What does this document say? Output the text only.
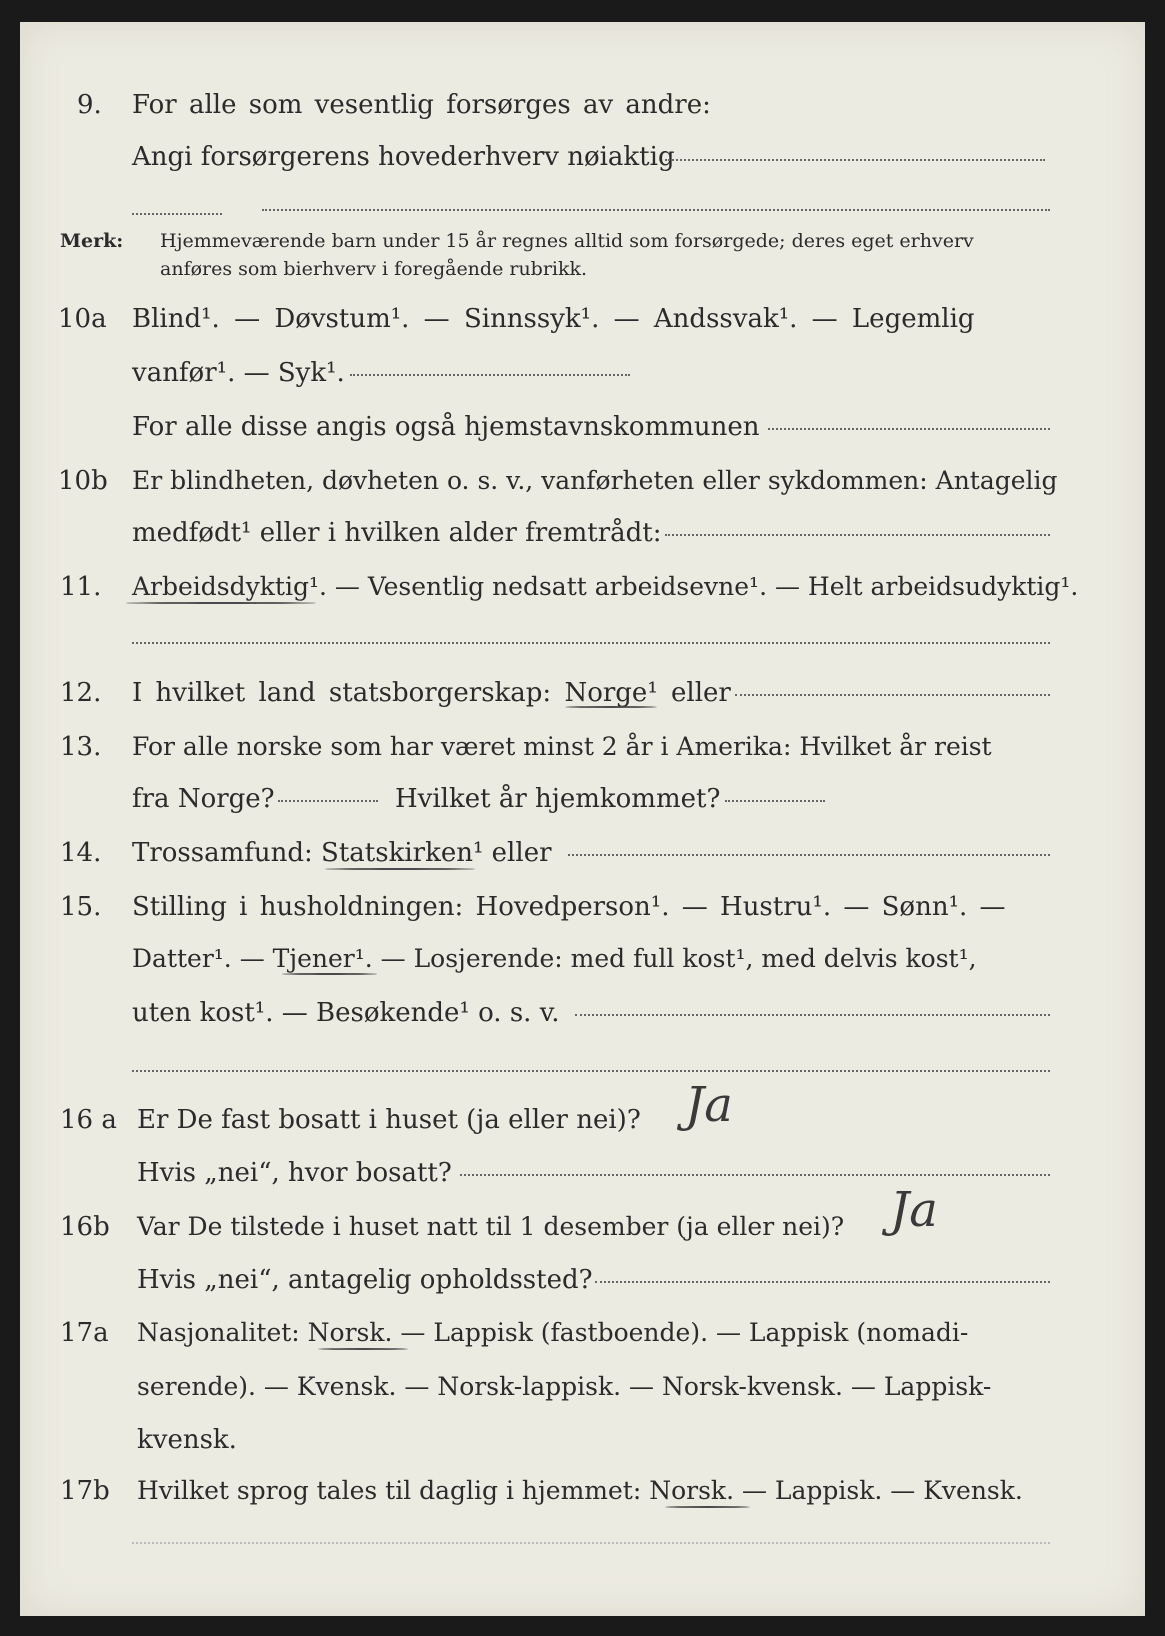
9. For alle som vesentlig forsørges av andre:
Angi forsørgerens hovederhverv nøiaktig
Merk: Hjemmeværende barn under 15 år regnes alltid som forsørgede; deres eget erhverv
anføres som bierhverv i foregående rubrikk.
10a Blind¹. — Døvstum¹. — Sinnssyk¹. — Andssvak¹. — Legemlig
vanfør¹. — Syk¹.
For alle disse angis også hjemstavnskommunen
10b Er blindheten, døvheten o. s. v., vanførheten eller sykdommen: Antagelig
medfødt¹ eller i hvilken alder fremtrådt:
11. Arbeidsdyktig¹. — Vesentlig nedsatt arbeidsevne¹. — Helt arbeidsudyktig¹.
12. I hvilket land statsborgerskap: Norge¹ eller
13. For alle norske som har været minst 2 år i Amerika: Hvilket år reist
fra Norge?	Hvilket år hjemkommet?
14. Trossamfund: Statskirken¹ eller
15. Stilling i husholdningen: Hovedperson¹. — Hustru¹. — Sønn¹. —
Datter¹. — Tjener¹. — Losjerende: med full kost¹, med delvis kost¹,
uten kost¹. — Besøkende¹ o. s. v.
16 a Er De fast bosatt i huset (ja eller nei)? Ja
Hvis „nei“, hvor bosatt?
16b Var De tilstede i huset natt til 1 desember (ja eller nei)? Ja
Hvis „nei“, antagelig opholdssted?
17a Nasjonalitet: Norsk. — Lappisk (fastboende). — Lappisk (nomadi-
serende). — Kvensk. — Norsk-lappisk. — Norsk-kvensk. — Lappisk-
kvensk.
17b Hvilket sprog tales til daglig i hjemmet: Norsk. — Lappisk. — Kvensk.
